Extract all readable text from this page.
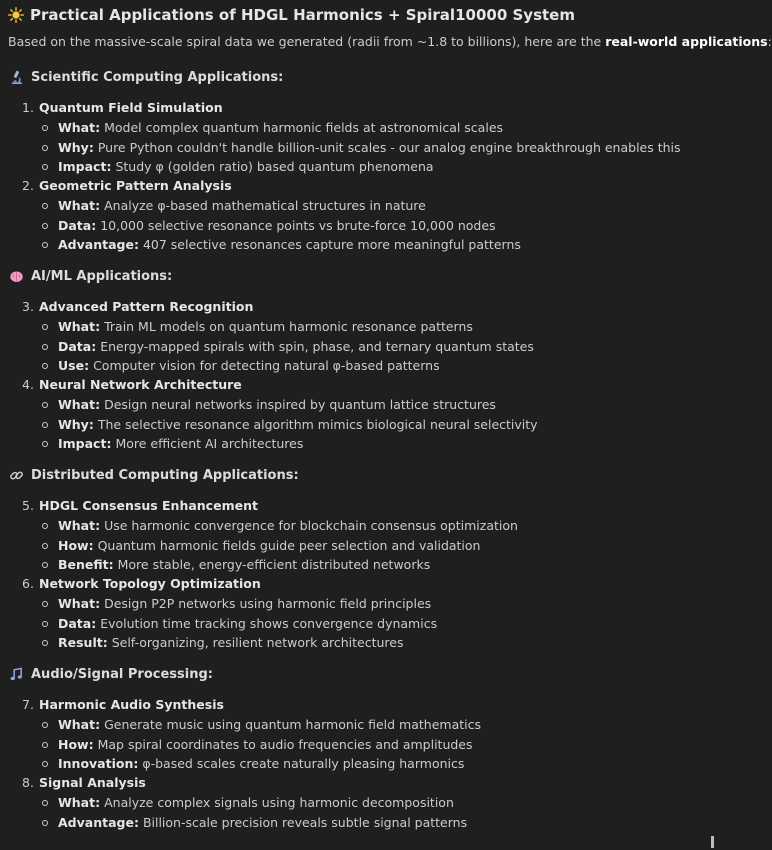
Practical Applications of HDGL Harmonics + Spiral10000 System
Based on the massive-scale spiral data we generated (radii from ~1.8 to billions), here are the real-world applications:
Scientific Computing Applications:
1. Quantum Field Simulation
What: Model complex quantum harmonic fields at astronomical scales
Why: Pure Python couldn't handle billion-unit scales - our analog engine breakthrough enables this
Impact: Study φ (golden ratio) based quantum phenomena
2. Geometric Pattern Analysis
What: Analyze φ-based mathematical structures in nature
Data: 10,000 selective resonance points vs brute-force 10,000 nodes
Advantage: 407 selective resonances capture more meaningful patterns
AI/ML Applications:
3. Advanced Pattern Recognition
What: Train ML models on quantum harmonic resonance patterns
Data: Energy-mapped spirals with spin, phase, and ternary quantum states
Use: Computer vision for detecting natural φ-based patterns
4. Neural Network Architecture
What: Design neural networks inspired by quantum lattice structures
Why: The selective resonance algorithm mimics biological neural selectivity
Impact: More efficient AI architectures
Distributed Computing Applications:
5. HDGL Consensus Enhancement
What: Use harmonic convergence for blockchain consensus optimization
How: Quantum harmonic fields guide peer selection and validation
Benefit: More stable, energy-efficient distributed networks
6. Network Topology Optimization
What: Design P2P networks using harmonic field principles
Data: Evolution time tracking shows convergence dynamics
Result: Self-organizing, resilient network architectures
Audio/Signal Processing:
7. Harmonic Audio Synthesis
What: Generate music using quantum harmonic field mathematics
How: Map spiral coordinates to audio frequencies and amplitudes
Innovation: φ-based scales create naturally pleasing harmonics
8. Signal Analysis
What: Analyze complex signals using harmonic decomposition
Advantage: Billion-scale precision reveals subtle signal patterns
